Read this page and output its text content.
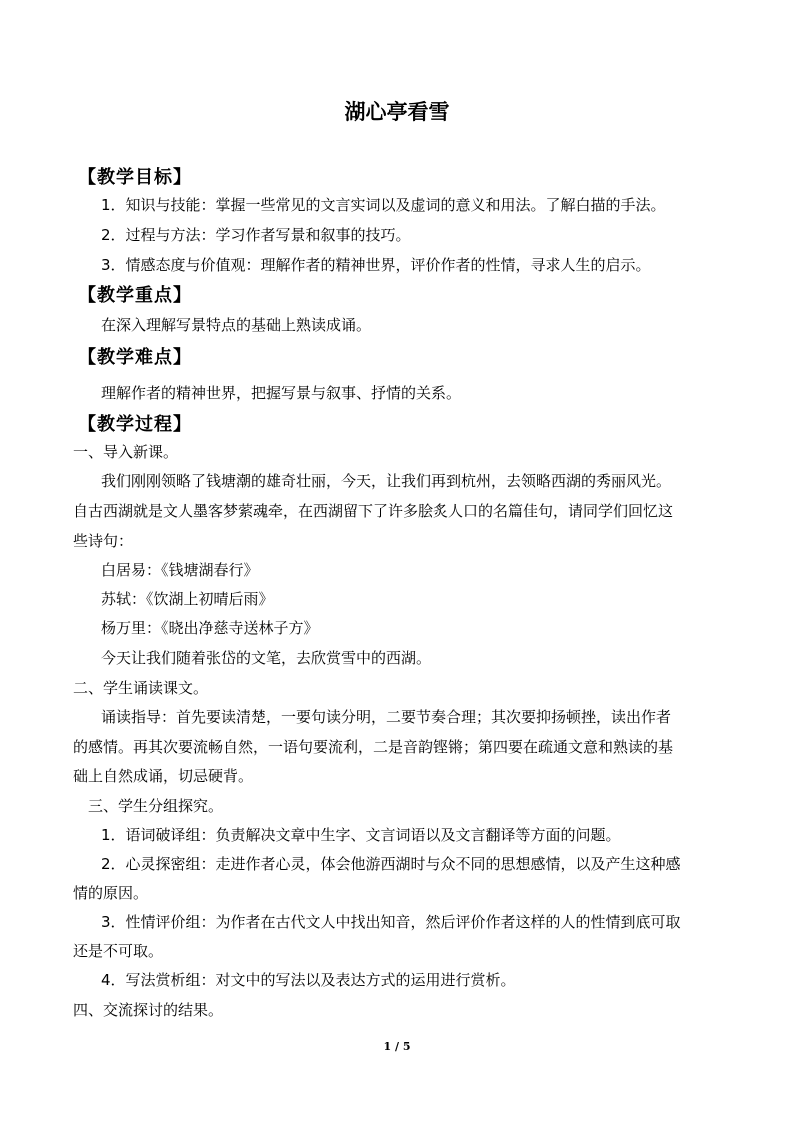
湖心亭看雪
【教学目标】
1．知识与技能：掌握一些常见的文言实词以及虚词的意义和用法。了解白描的手法。
2．过程与方法：学习作者写景和叙事的技巧。
3．情感态度与价值观：理解作者的精神世界，评价作者的性情，寻求人生的启示。
【教学重点】
在深入理解写景特点的基础上熟读成诵。
【教学难点】
理解作者的精神世界，把握写景与叙事、抒情的关系。
【教学过程】
一、导入新课。
我们刚刚领略了钱塘潮的雄奇壮丽，今天，让我们再到杭州，去领略西湖的秀丽风光。
自古西湖就是文人墨客梦萦魂牵，在西湖留下了许多脍炙人口的名篇佳句，请同学们回忆这
些诗句：
白居易：《钱塘湖春行》
苏轼：《饮湖上初晴后雨》
杨万里：《晓出净慈寺送林子方》
今天让我们随着张岱的文笔，去欣赏雪中的西湖。
二、学生诵读课文。
诵读指导：首先要读清楚，一要句读分明，二要节奏合理；其次要抑扬顿挫，读出作者
的感情。再其次要流畅自然，一语句要流利，二是音韵铿锵；第四要在疏通文意和熟读的基
础上自然成诵，切忌硬背。
三、学生分组探究。
1．语词破译组：负责解决文章中生字、文言词语以及文言翻译等方面的问题。
2．心灵探密组：走进作者心灵，体会他游西湖时与众不同的思想感情，以及产生这种感
情的原因。
3．性情评价组：为作者在古代文人中找出知音，然后评价作者这样的人的性情到底可取
还是不可取。
4．写法赏析组：对文中的写法以及表达方式的运用进行赏析。
四、交流探讨的结果。
1 / 5
